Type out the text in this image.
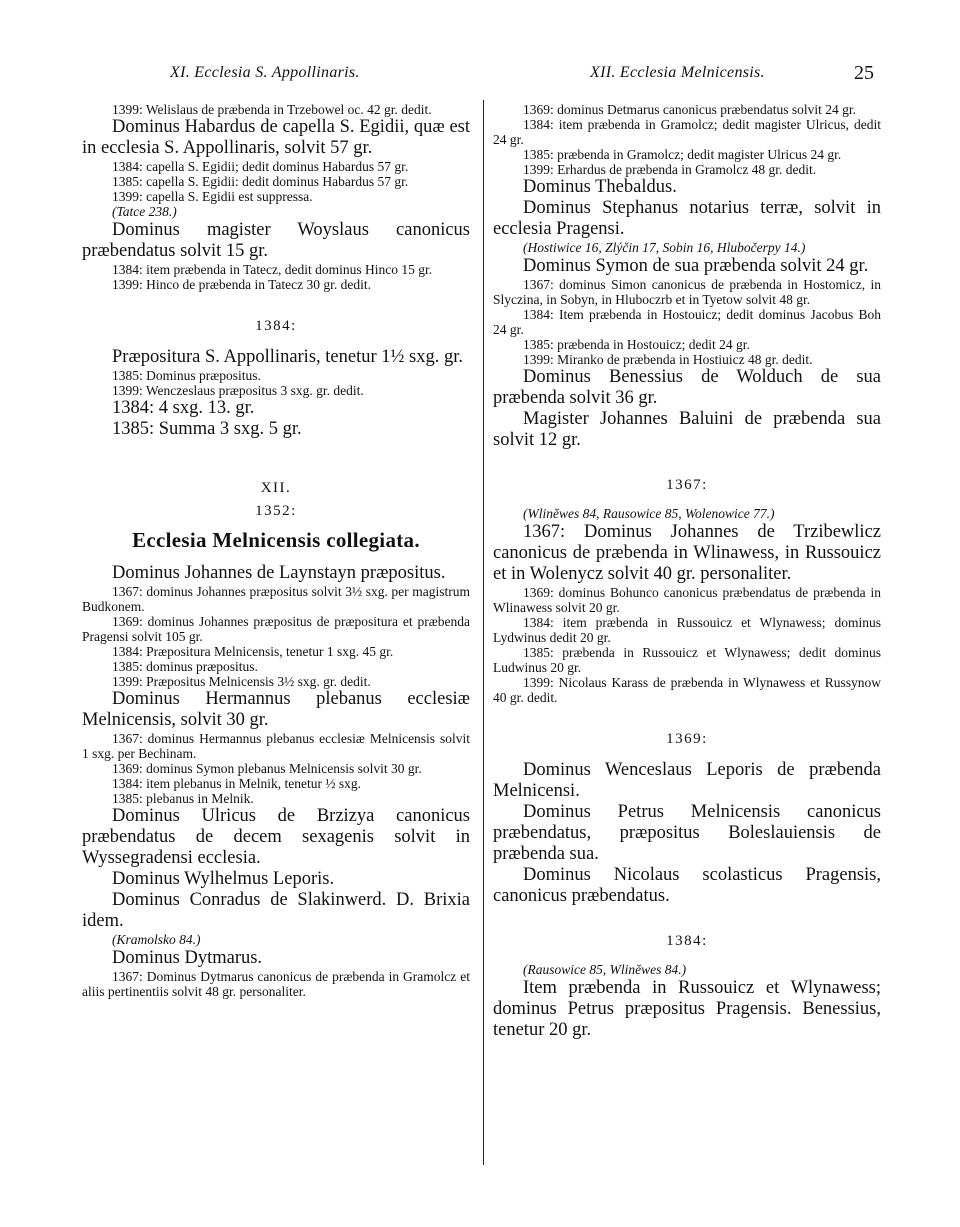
XI. Ecclesia S. Appollinaris.	XII. Ecclesia Melnicensis.	25

1399: Welislaus de præbenda in Trzebowel oc. 42 gr. dedit.

Dominus Habardus de capella S. Egidii, quæ est in ecclesia S. Appollinaris, solvit 57 gr.

1384: capella S. Egidii; dedit dominus Habardus 57 gr.

1385: capella S. Egidii: dedit dominus Habardus 57 gr.

1399: capella S. Egidii est suppressa.

(Tatce 238.)

Dominus magister Woyslaus canonicus præbendatus solvit 15 gr.

1384: item præbenda in Tatecz, dedit dominus Hinco 15 gr.

1399: Hinco de præbenda in Tatecz 30 gr. dedit.

1384:

Præpositura S. Appollinaris, tenetur 1½ sxg. gr.

1385: Dominus præpositus.

1399: Wenczeslaus præpositus 3 sxg. gr. dedit.

1384: 4 sxg. 13. gr.

1385: Summa 3 sxg. 5 gr.

XII.

1352:

Ecclesia Melnicensis collegiata.

Dominus Johannes de Laynstayn præpositus.

1367: dominus Johannes præpositus solvit 3½ sxg. per magistrum Budkonem.

1369: dominus Johannes præpositus de præpositura et præbenda Pragensi solvit 105 gr.

1384: Præpositura Melnicensis, tenetur 1 sxg. 45 gr.

1385: dominus præpositus.

1399: Præpositus Melnicensis 3½ sxg. gr. dedit.

Dominus Hermannus plebanus ecclesiæ Melnicensis, solvit 30 gr.

1367: dominus Hermannus plebanus ecclesiæ Melnicensis solvit 1 sxg. per Bechinam.

1369: dominus Symon plebanus Melnicensis solvit 30 gr.

1384: item plebanus in Melnik, tenetur ½ sxg.

1385: plebanus in Melnik.

Dominus Ulricus de Brzizya canonicus præbendatus de decem sexagenis solvit in Wyssegradensi ecclesia.

Dominus Wylhelmus Leporis.

Dominus Conradus de Slakinwerd. D. Brixia idem.

(Kramolsko 84.)

Dominus Dytmarus.

1367: Dominus Dytmarus canonicus de præbenda in Gramolcz et aliis pertinentiis solvit 48 gr. personaliter.

1369: dominus Detmarus canonicus præbendatus solvit 24 gr.

1384: item præbenda in Gramolcz; dedit magister Ulricus, dedit 24 gr.

1385: præbenda in Gramolcz; dedit magister Ulricus 24 gr.

1399: Erhardus de præbenda in Gramolcz 48 gr. dedit.

Dominus Thebaldus.

Dominus Stephanus notarius terræ, solvit in ecclesia Pragensi.

(Hostiwice 16, Zlýčin 17, Sobin 16, Hlubočerpy 14.)

Dominus Symon de sua præbenda solvit 24 gr.

1367: dominus Simon canonicus de præbenda in Hostomicz, in Slyczina, in Sobyn, in Hluboсzrb et in Tyetow solvit 48 gr.

1384: Item præbenda in Hostouicz; dedit dominus Jacobus Boh 24 gr.

1385: præbenda in Hostouicz; dedit 24 gr.

1399: Miranko de præbenda in Hostiuicz 48 gr. dedit.

Dominus Benessius de Wolduch de sua præbenda solvit 36 gr.

Magister Johannes Baluini de præbenda sua solvit 12 gr.

1367:

(Wlinĕwes 84, Rausowice 85, Wolenowice 77.)

1367: Dominus Johannes de Trzibewlicz canonicus de præbenda in Wlinawess, in Russouicz et in Wolenycz solvit 40 gr. personaliter.

1369: dominus Bohunco canonicus præbendatus de præbenda in Wlinawess solvit 20 gr.

1384: item præbenda in Russouicz et Wlynawess; dominus Lydwinus dedit 20 gr.

1385: præbenda in Russouicz et Wlynawess; dedit dominus Ludwinus 20 gr.

1399: Nicolaus Karass de præbenda in Wlynawess et Russynow 40 gr. dedit.

1369:

Dominus Wenceslaus Leporis de præbenda Melnicensi.

Dominus Petrus Melnicensis canonicus præbendatus, præpositus Boleslauiensis de præbenda sua.

Dominus Nicolaus scolasticus Pragensis, canonicus præbendatus.

1384:

(Rausowice 85, Wlinĕwes 84.)

Item præbenda in Russouicz et Wlynawess; dominus Petrus præpositus Pragensis. Benessius, tenetur 20 gr.
